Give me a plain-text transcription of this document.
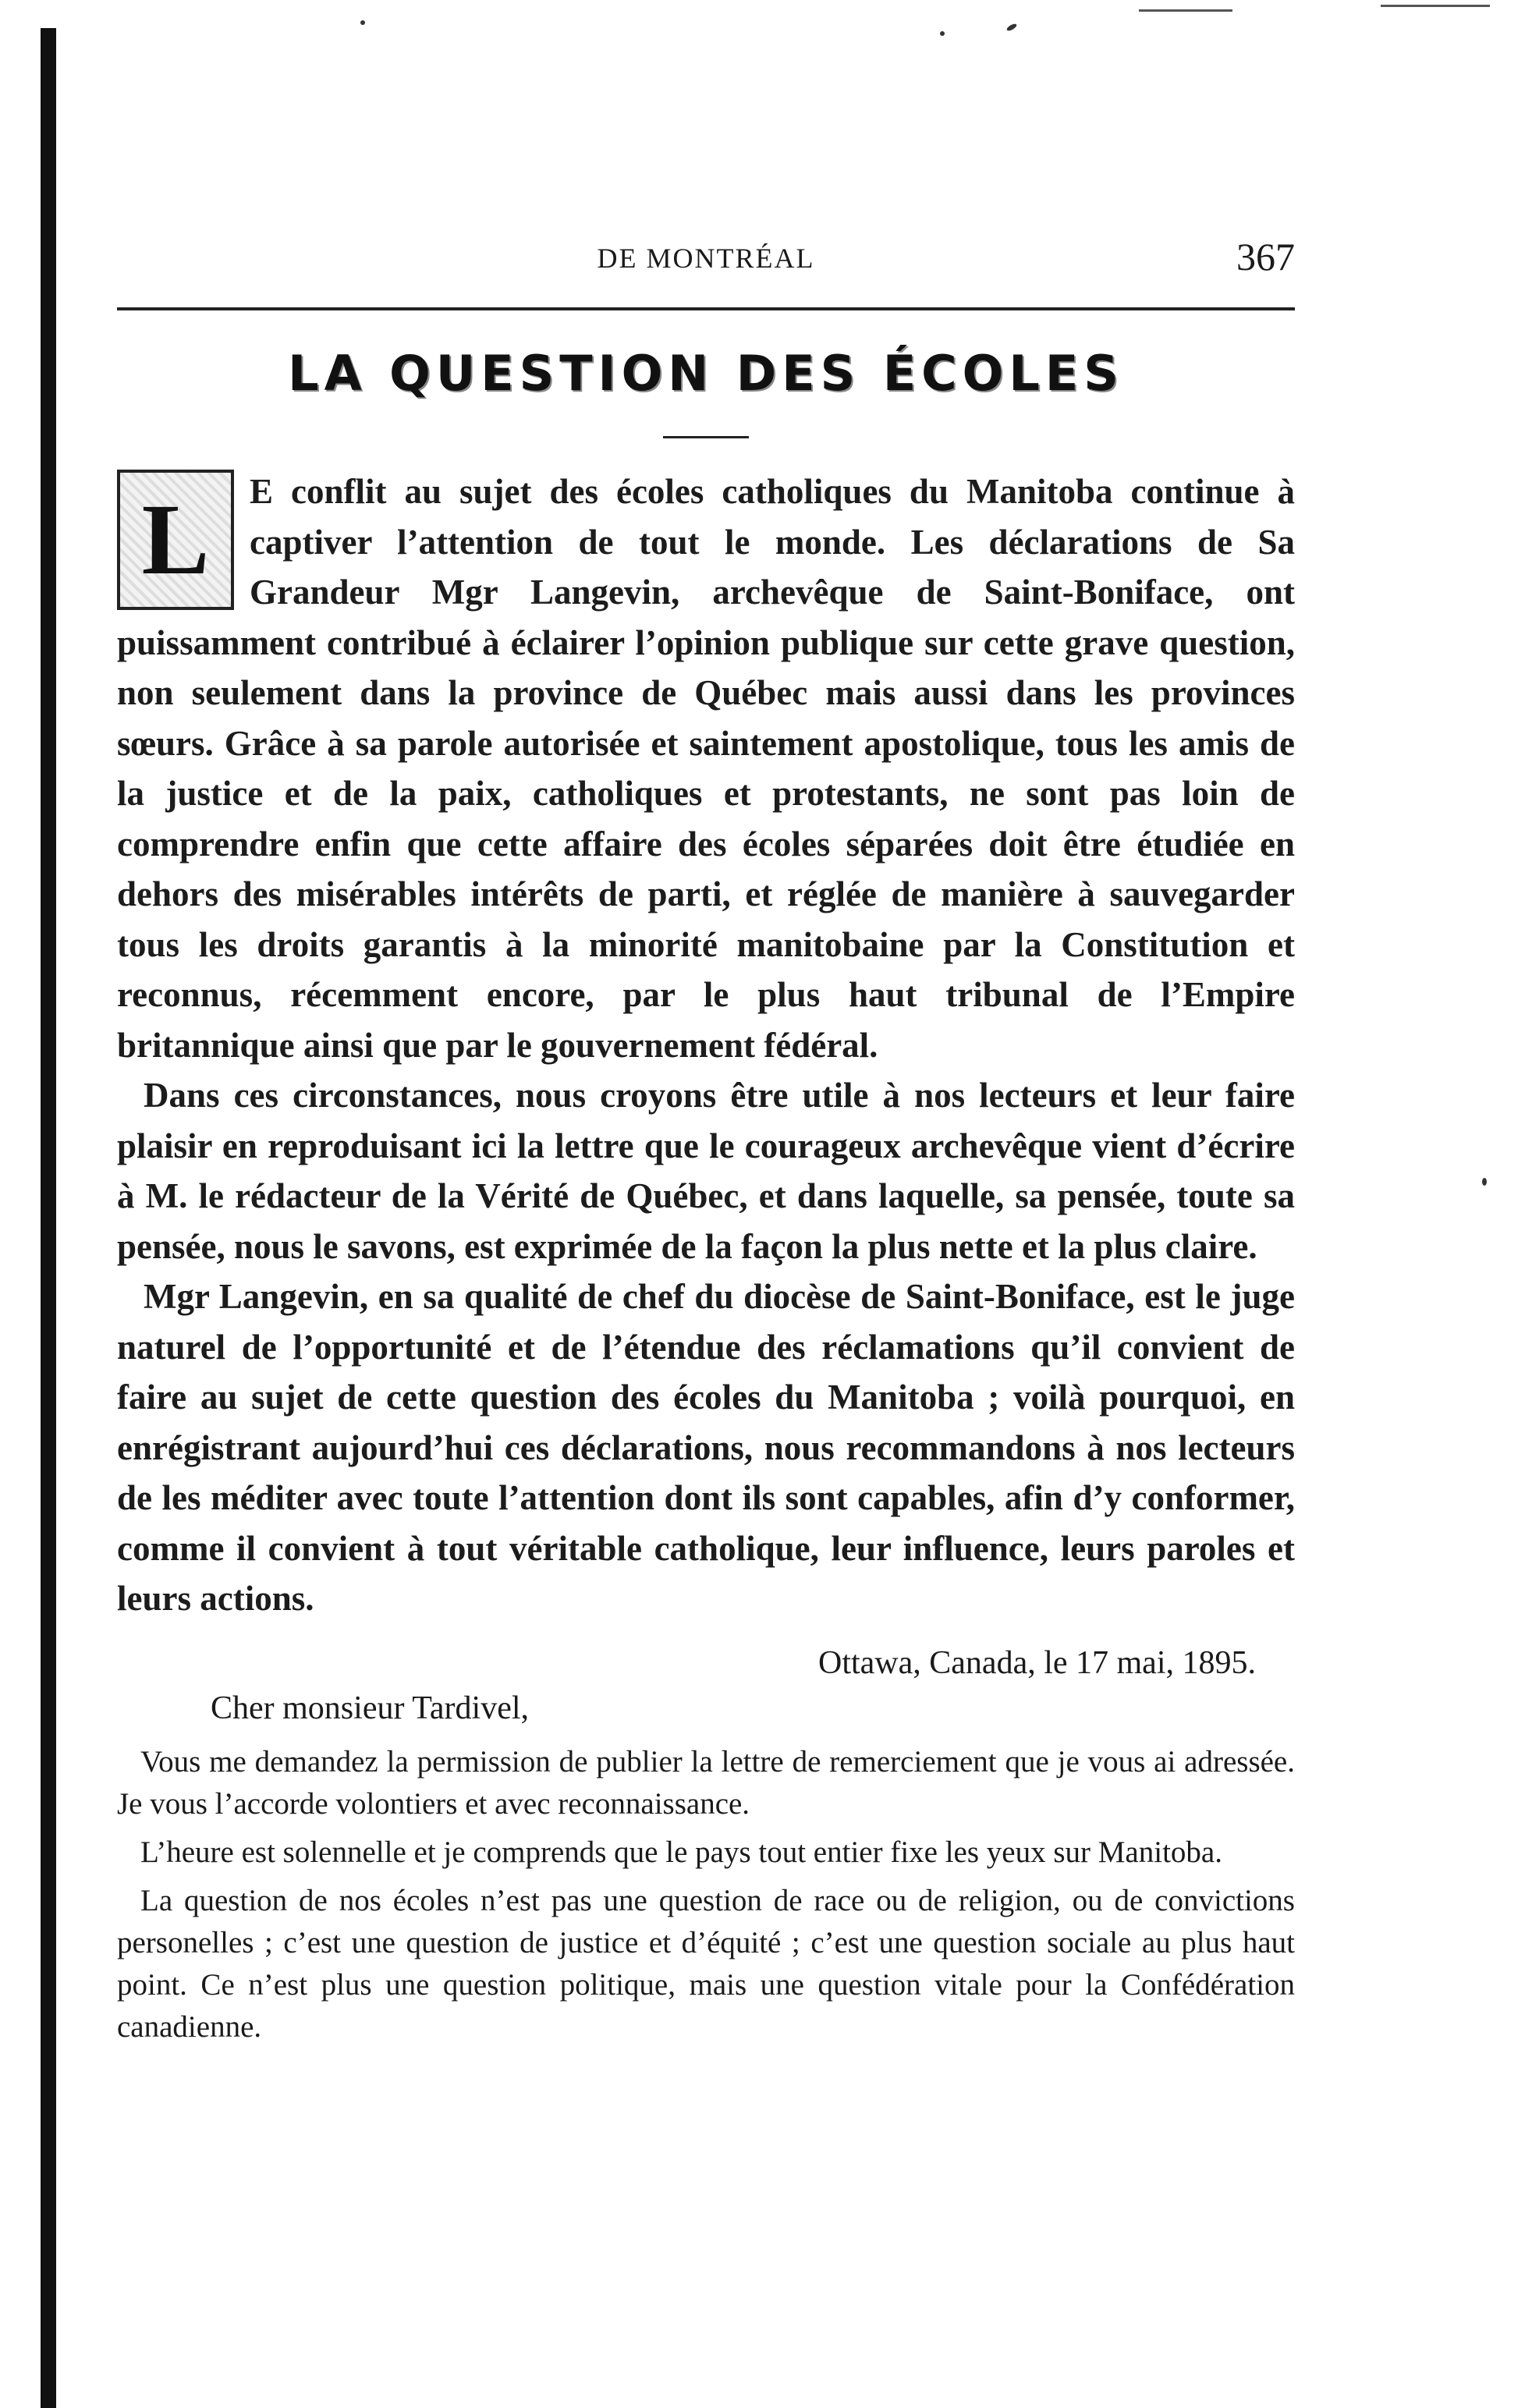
DE MONTRÉAL	367
LA QUESTION DES ÉCOLES
L	E conflit au sujet des écoles catholiques du Manitoba continue à captiver l’attention de tout le monde. Les déclarations de Sa Grandeur Mgr Langevin, archevêque de Saint-Boniface, ont puissamment contribué à éclairer l’opinion publique sur cette grave question, non seulement dans la province de Québec mais aussi dans les provinces sœurs. Grâce à sa parole autorisée et saintement apostolique, tous les amis de la justice et de la paix, catholiques et protestants, ne sont pas loin de comprendre enfin que cette affaire des écoles séparées doit être étudiée en dehors des misérables intérêts de parti, et réglée de manière à sauvegarder tous les droits garantis à la minorité manitobaine par la Constitution et reconnus, récemment encore, par le plus haut tribunal de l’Empire britannique ainsi que par le gouvernement fédéral.

Dans ces circonstances, nous croyons être utile à nos lecteurs et leur faire plaisir en reproduisant ici la lettre que le courageux archevêque vient d’écrire à M. le rédacteur de la Vérité de Québec, et dans laquelle, sa pensée, toute sa pensée, nous le savons, est exprimée de la façon la plus nette et la plus claire.

Mgr Langevin, en sa qualité de chef du diocèse de Saint-Boniface, est le juge naturel de l’opportunité et de l’étendue des réclamations qu’il convient de faire au sujet de cette question des écoles du Manitoba ; voilà pourquoi, en enrégistrant aujourd’hui ces déclarations, nous recommandons à nos lecteurs de les méditer avec toute l’attention dont ils sont capables, afin d’y conformer, comme il convient à tout véritable catholique, leur influence, leurs paroles et leurs actions.

Ottawa, Canada, le 17 mai, 1895.
Cher monsieur Tardivel,

Vous me demandez la permission de publier la lettre de remerciement que je vous ai adressée. Je vous l’accorde volontiers et avec reconnaissance.

L’heure est solennelle et je comprends que le pays tout entier fixe les yeux sur Manitoba.

La question de nos écoles n’est pas une question de race ou de religion, ou de convictions personelles ; c’est une question de justice et d’équité ; c’est une question sociale au plus haut point. Ce n’est plus une question politique, mais une question vitale pour la Confédération canadienne.
